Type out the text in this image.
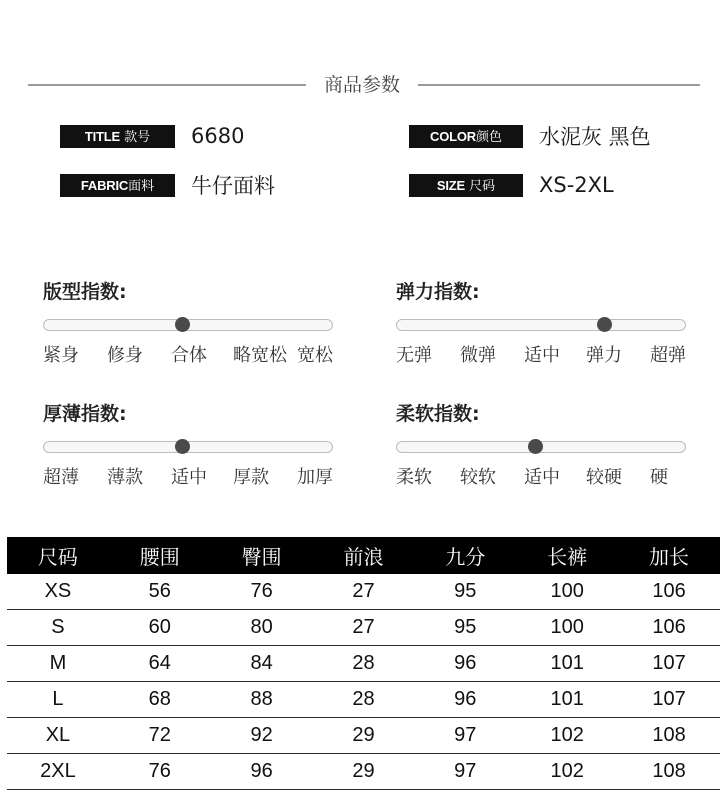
商品参数
TITLE 款号	6680	COLOR颜色	水泥灰 黑色
FABRIC面料	牛仔面料	SIZE 尺码	XS-2XL
版型指数:
紧身 修身 合体 略宽松 宽松
弹力指数:
无弹 微弹 适中 弹力 超弹
厚薄指数:
超薄 薄款 适中 厚款 加厚
柔软指数:
柔软 较软 适中 较硬 硬
尺码	腰围	臀围	前浪	九分	长裤	加长
XS	56	76	27	95	100	106
S	60	80	27	95	100	106
M	64	84	28	96	101	107
L	68	88	28	96	101	107
XL	72	92	29	97	102	108
2XL	76	96	29	97	102	108
